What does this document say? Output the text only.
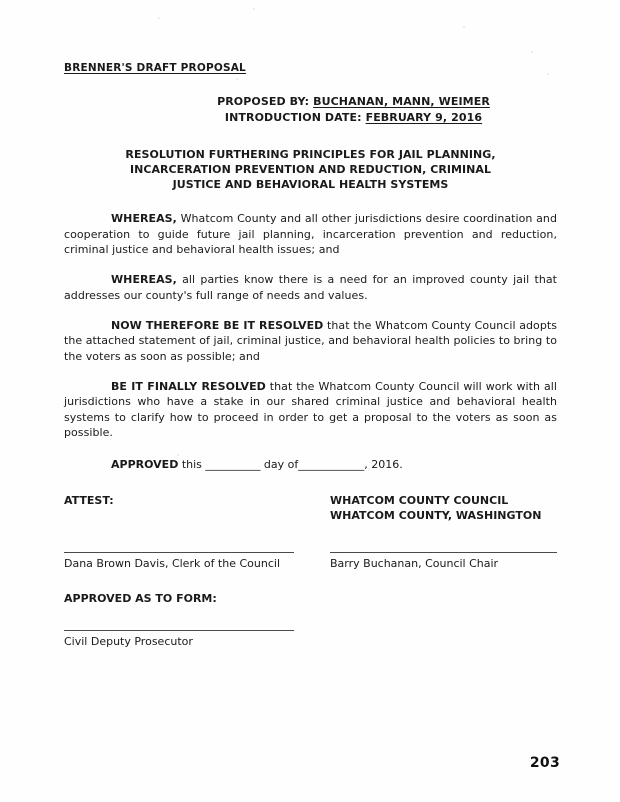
BRENNER'S DRAFT PROPOSAL
PROPOSED BY: BUCHANAN, MANN, WEIMER
INTRODUCTION DATE: FEBRUARY 9, 2016
RESOLUTION FURTHERING PRINCIPLES FOR JAIL PLANNING,
INCARCERATION PREVENTION AND REDUCTION, CRIMINAL
JUSTICE AND BEHAVIORAL HEALTH SYSTEMS

WHEREAS, Whatcom County and all other jurisdictions desire coordination and cooperation to guide future jail planning, incarceration prevention and reduction, criminal justice and behavioral health issues; and

WHEREAS, all parties know there is a need for an improved county jail that addresses our county's full range of needs and values.

NOW THEREFORE BE IT RESOLVED that the Whatcom County Council adopts the attached statement of jail, criminal justice, and behavioral health policies to bring to the voters as soon as possible; and

BE IT FINALLY RESOLVED that the Whatcom County Council will work with all jurisdictions who have a stake in our shared criminal justice and behavioral health systems to clarify how to proceed in order to get a proposal to the voters as soon as possible.

APPROVED this __________ day of____________, 2016.
ATTEST:	WHATCOM COUNTY COUNCIL
WHATCOM COUNTY, WASHINGTON
Dana Brown Davis, Clerk of the Council	Barry Buchanan, Council Chair
APPROVED AS TO FORM:
Civil Deputy Prosecutor
203
